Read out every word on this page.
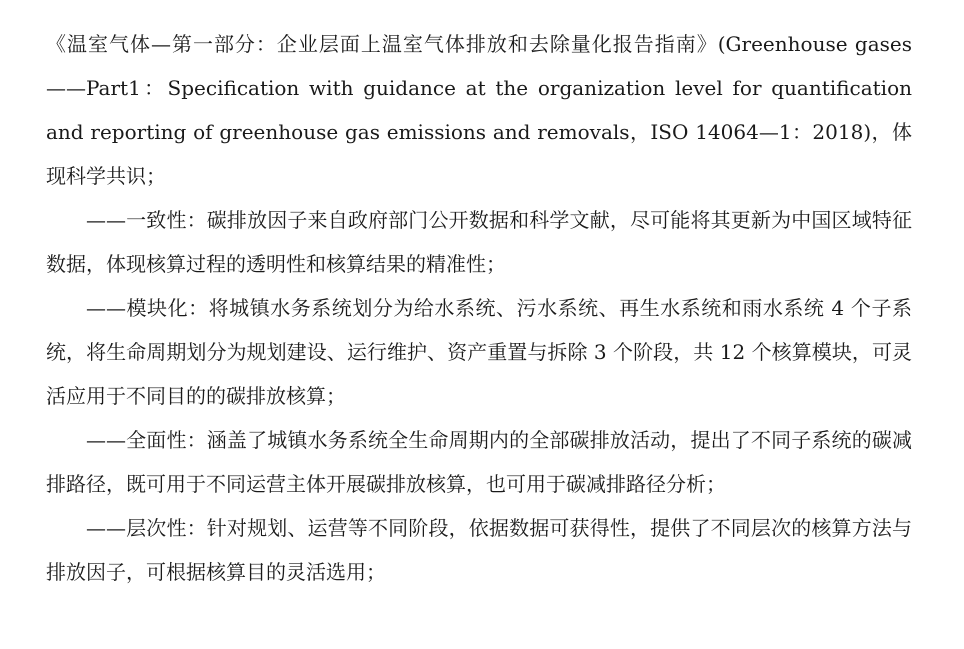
《温室气体—第一部分：企业层面上温室气体排放和去除量化报告指南》(Greenhouse gases——Part1：Specification with guidance at the organization level for quantification and reporting of greenhouse gas emissions and removals，ISO 14064—1：2018)，体现科学共识；

——一致性：碳排放因子来自政府部门公开数据和科学文献，尽可能将其更新为中国区域特征数据，体现核算过程的透明性和核算结果的精准性；

——模块化：将城镇水务系统划分为给水系统、污水系统、再生水系统和雨水系统 4 个子系统，将生命周期划分为规划建设、运行维护、资产重置与拆除 3 个阶段，共 12 个核算模块，可灵活应用于不同目的的碳排放核算；

——全面性：涵盖了城镇水务系统全生命周期内的全部碳排放活动，提出了不同子系统的碳减排路径，既可用于不同运营主体开展碳排放核算，也可用于碳减排路径分析；

——层次性：针对规划、运营等不同阶段，依据数据可获得性，提供了不同层次的核算方法与排放因子，可根据核算目的灵活选用；
